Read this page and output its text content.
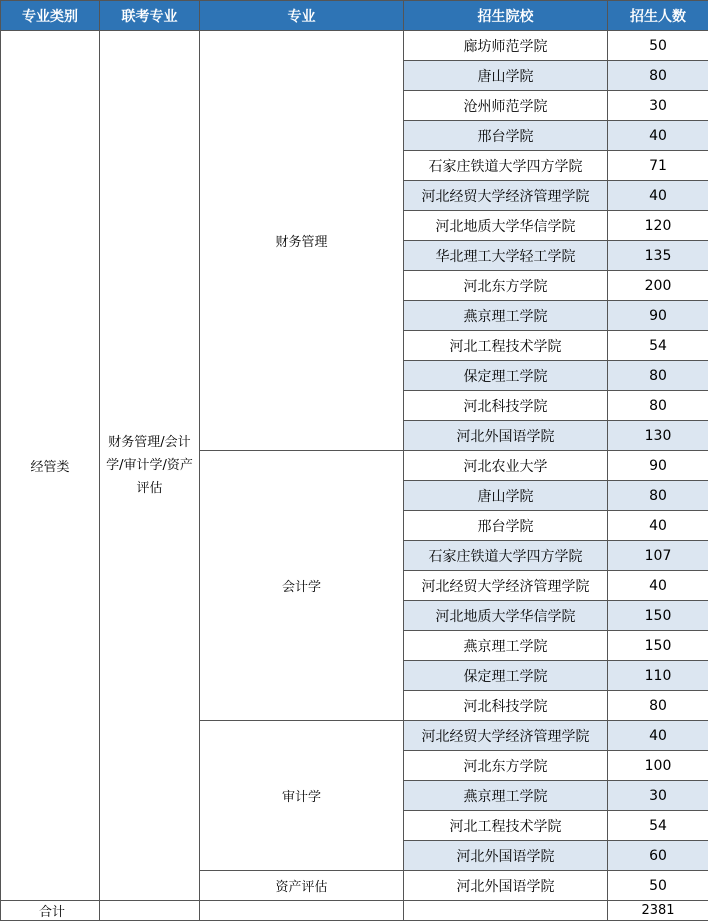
专业类别	联考专业	专业	招生院校	招生人数
经管类	财务管理/会计学/审计学/资产评估	财务管理	廊坊师范学院	50
			唐山学院	80
			沧州师范学院	30
			邢台学院	40
			石家庄铁道大学四方学院	71
			河北经贸大学经济管理学院	40
			河北地质大学华信学院	120
			华北理工大学轻工学院	135
			河北东方学院	200
			燕京理工学院	90
			河北工程技术学院	54
			保定理工学院	80
			河北科技学院	80
			河北外国语学院	130
		会计学	河北农业大学	90
			唐山学院	80
			邢台学院	40
			石家庄铁道大学四方学院	107
			河北经贸大学经济管理学院	40
			河北地质大学华信学院	150
			燕京理工学院	150
			保定理工学院	110
			河北科技学院	80
		审计学	河北经贸大学经济管理学院	40
			河北东方学院	100
			燕京理工学院	30
			河北工程技术学院	54
			河北外国语学院	60
		资产评估	河北外国语学院	50
合计				2381
